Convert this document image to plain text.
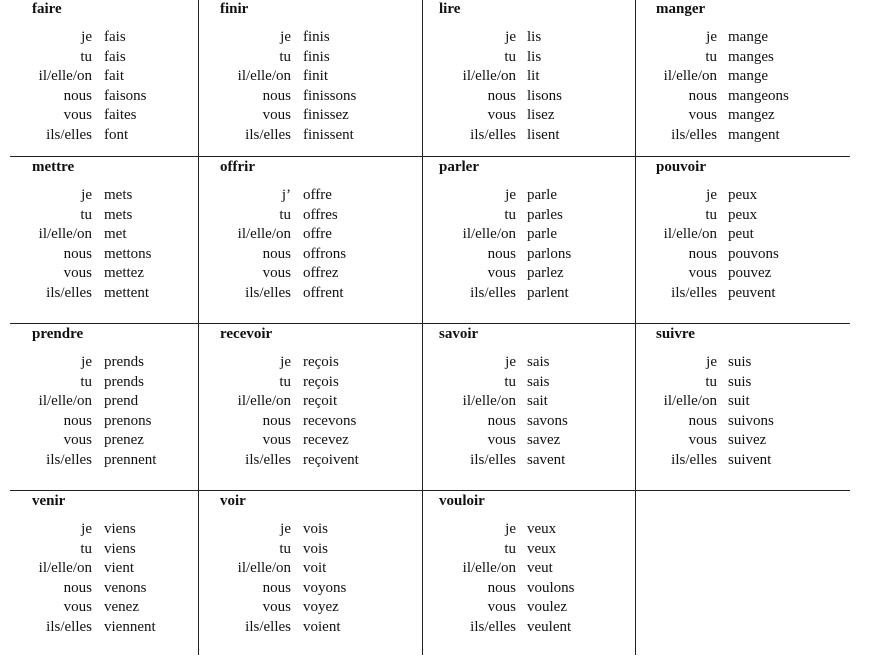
faire
je fais
tu fais
il/elle/on fait
nous faisons
vous faites
ils/elles font
finir
je finis
tu finis
il/elle/on finit
nous finissons
vous finissez
ils/elles finissent
lire
je lis
tu lis
il/elle/on lit
nous lisons
vous lisez
ils/elles lisent
manger
je mange
tu manges
il/elle/on mange
nous mangeons
vous mangez
ils/elles mangent
mettre
je mets
tu mets
il/elle/on met
nous mettons
vous mettez
ils/elles mettent
offrir
j’ offre
tu offres
il/elle/on offre
nous offrons
vous offrez
ils/elles offrent
parler
je parle
tu parles
il/elle/on parle
nous parlons
vous parlez
ils/elles parlent
pouvoir
je peux
tu peux
il/elle/on peut
nous pouvons
vous pouvez
ils/elles peuvent
prendre
je prends
tu prends
il/elle/on prend
nous prenons
vous prenez
ils/elles prennent
recevoir
je reçois
tu reçois
il/elle/on reçoit
nous recevons
vous recevez
ils/elles reçoivent
savoir
je sais
tu sais
il/elle/on sait
nous savons
vous savez
ils/elles savent
suivre
je suis
tu suis
il/elle/on suit
nous suivons
vous suivez
ils/elles suivent
venir
je viens
tu viens
il/elle/on vient
nous venons
vous venez
ils/elles viennent
voir
je vois
tu vois
il/elle/on voit
nous voyons
vous voyez
ils/elles voient
vouloir
je veux
tu veux
il/elle/on veut
nous voulons
vous voulez
ils/elles veulent
